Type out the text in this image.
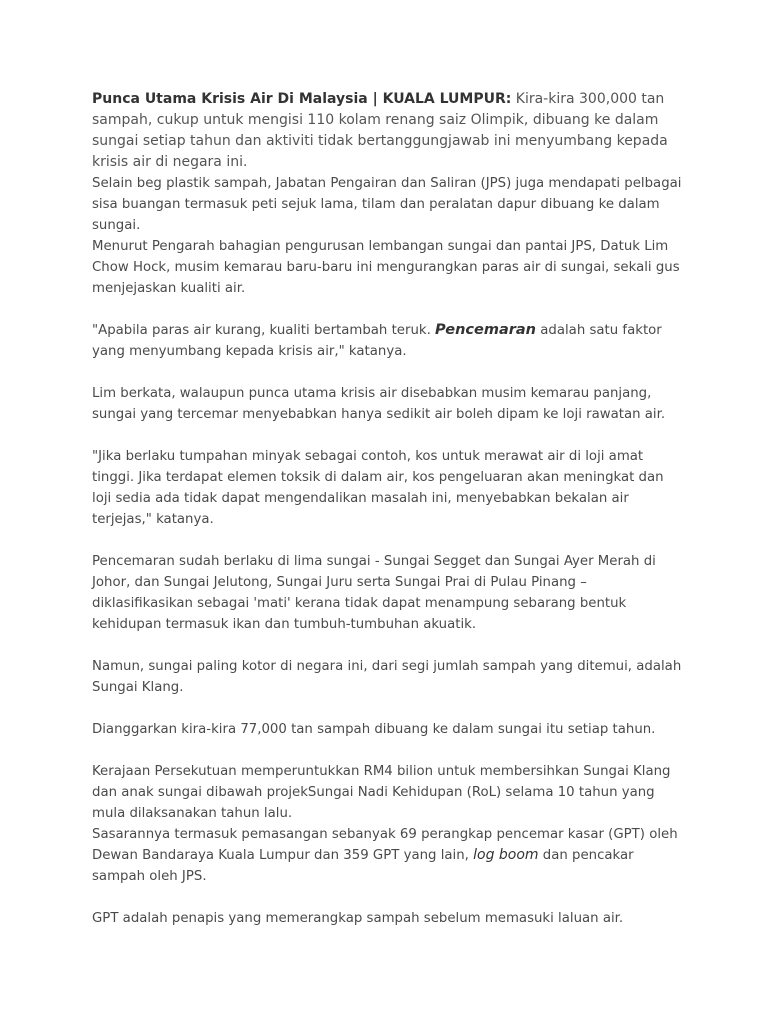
Punca Utama Krisis Air Di Malaysia | KUALA LUMPUR: Kira-kira 300,000 tan sampah, cukup untuk mengisi 110 kolam renang saiz Olimpik, dibuang ke dalam sungai setiap tahun dan aktiviti tidak bertanggungjawab ini menyumbang kepada krisis air di negara ini.

Selain beg plastik sampah, Jabatan Pengairan dan Saliran (JPS) juga mendapati pelbagai sisa buangan termasuk peti sejuk lama, tilam dan peralatan dapur dibuang ke dalam sungai.

Menurut Pengarah bahagian pengurusan lembangan sungai dan pantai JPS, Datuk Lim Chow Hock, musim kemarau baru-baru ini mengurangkan paras air di sungai, sekali gus menjejaskan kualiti air.

"Apabila paras air kurang, kualiti bertambah teruk. Pencemaran adalah satu faktor yang menyumbang kepada krisis air," katanya.

Lim berkata, walaupun punca utama krisis air disebabkan musim kemarau panjang, sungai yang tercemar menyebabkan hanya sedikit air boleh dipam ke loji rawatan air.

"Jika berlaku tumpahan minyak sebagai contoh, kos untuk merawat air di loji amat tinggi. Jika terdapat elemen toksik di dalam air, kos pengeluaran akan meningkat dan loji sedia ada tidak dapat mengendalikan masalah ini, menyebabkan bekalan air terjejas," katanya.

Pencemaran sudah berlaku di lima sungai - Sungai Segget dan Sungai Ayer Merah di Johor, dan Sungai Jelutong, Sungai Juru serta Sungai Prai di Pulau Pinang – diklasifikasikan sebagai 'mati' kerana tidak dapat menampung sebarang bentuk kehidupan termasuk ikan dan tumbuh-tumbuhan akuatik.

Namun, sungai paling kotor di negara ini, dari segi jumlah sampah yang ditemui, adalah Sungai Klang.

Dianggarkan kira-kira 77,000 tan sampah dibuang ke dalam sungai itu setiap tahun.

Kerajaan Persekutuan memperuntukkan RM4 bilion untuk membersihkan Sungai Klang dan anak sungai dibawah projekSungai Nadi Kehidupan (RoL) selama 10 tahun yang mula dilaksanakan tahun lalu.

Sasarannya termasuk pemasangan sebanyak 69 perangkap pencemar kasar (GPT) oleh Dewan Bandaraya Kuala Lumpur dan 359 GPT yang lain, log boom dan pencakar sampah oleh JPS.

GPT adalah penapis yang memerangkap sampah sebelum memasuki laluan air.
